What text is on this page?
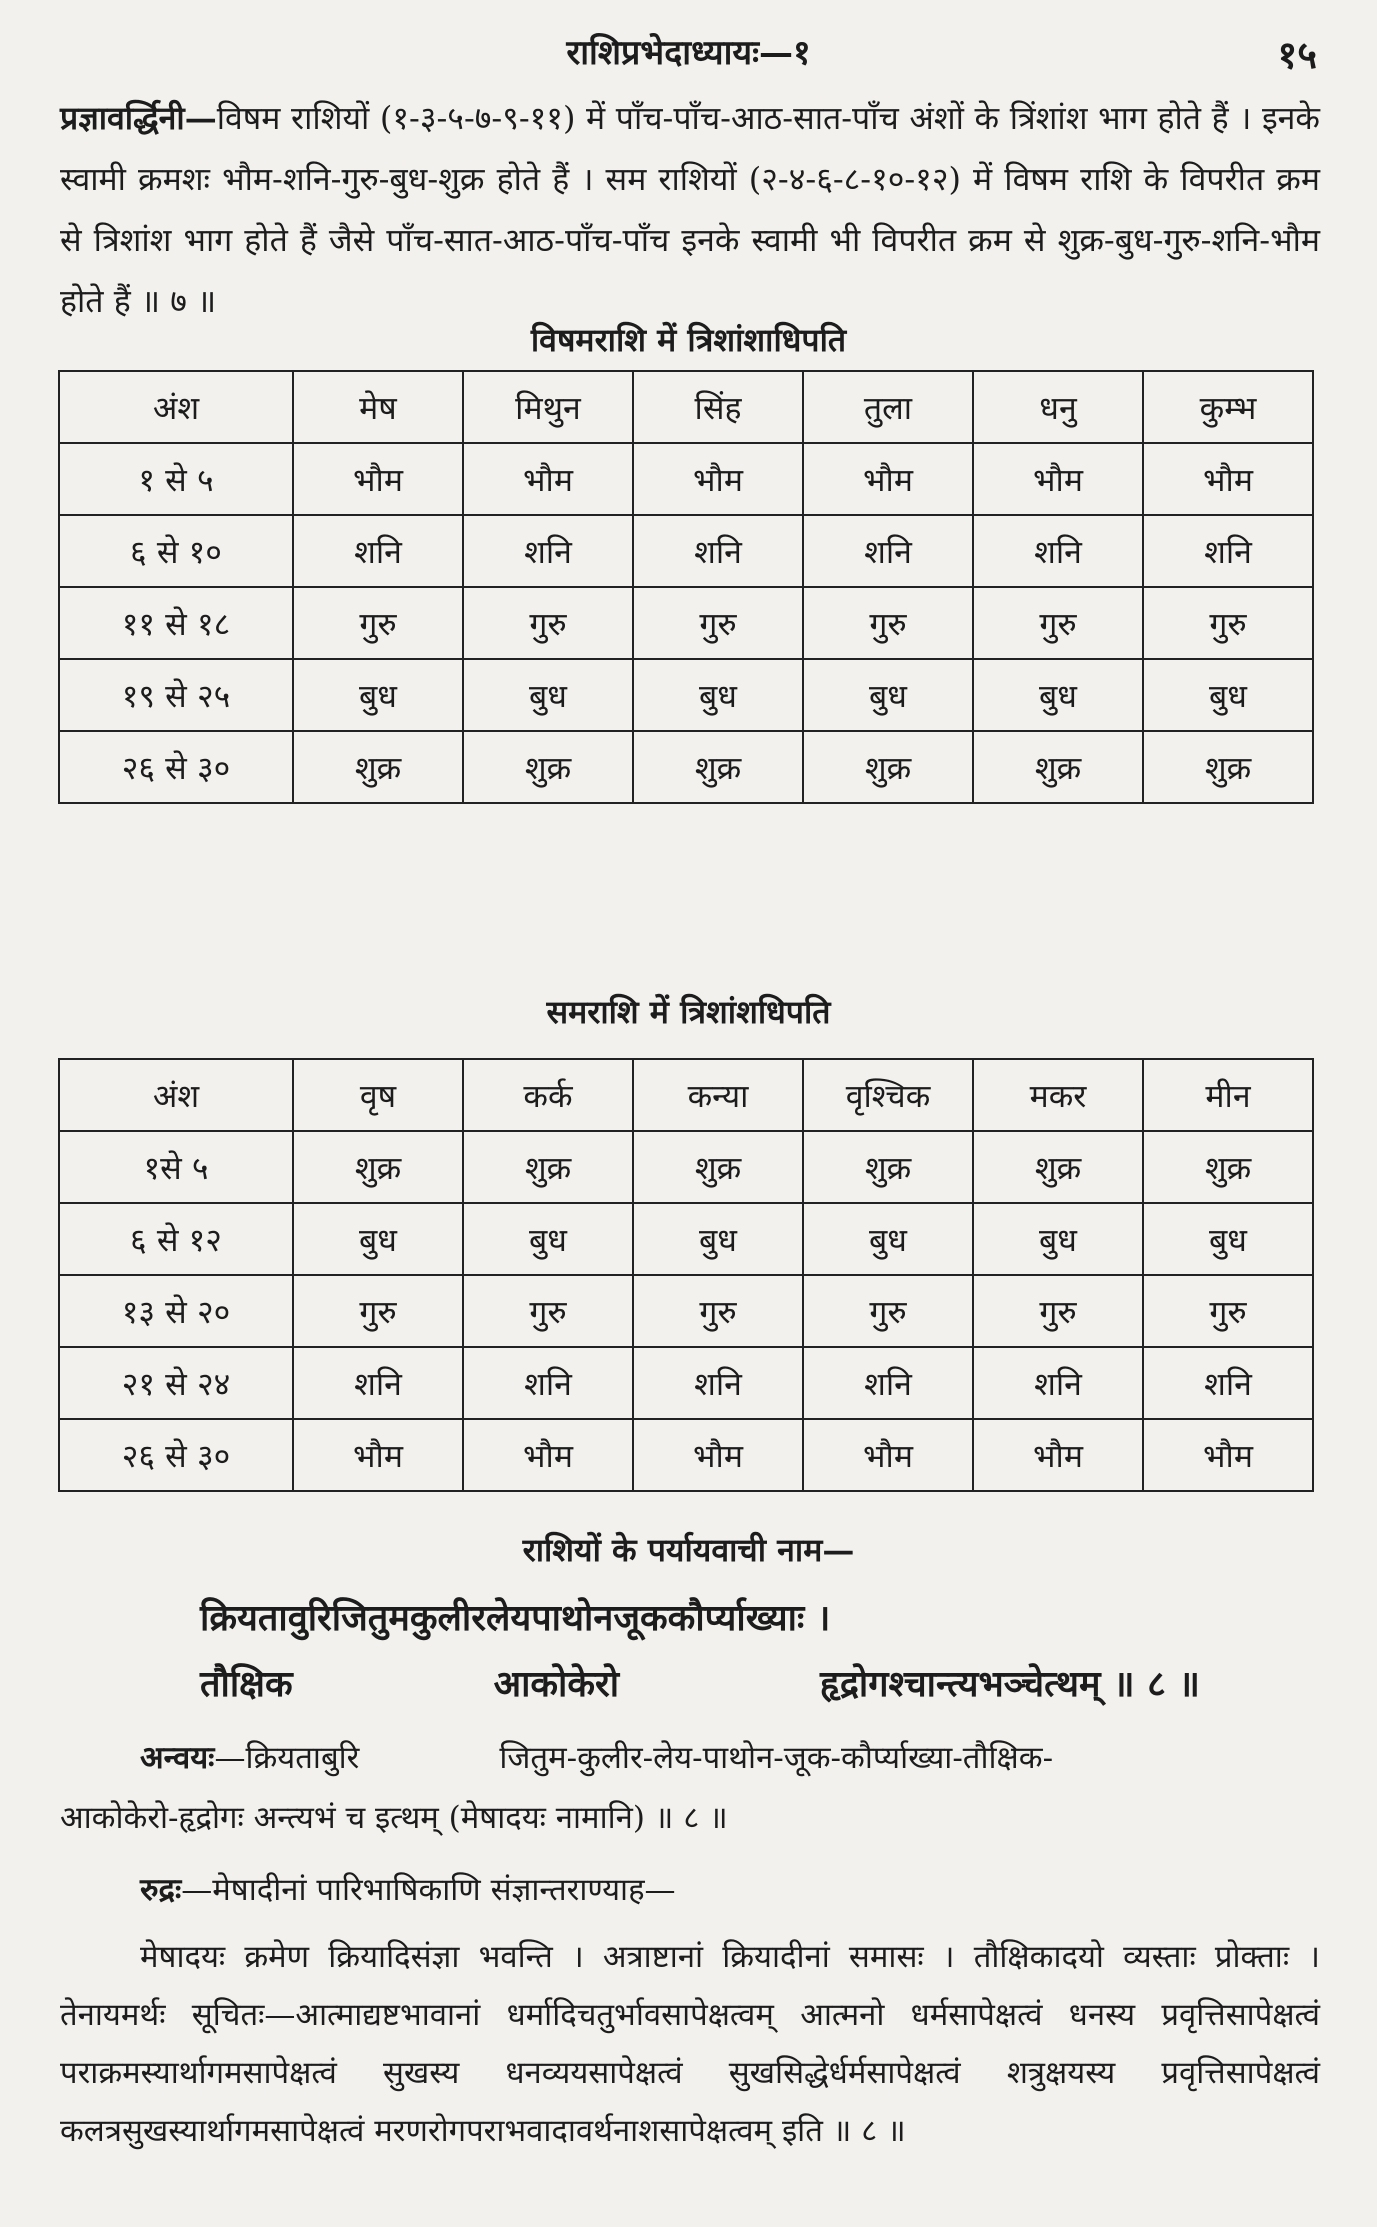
राशिप्रभेदाध्यायः—१	१५
प्रज्ञावर्द्धिनी—विषम राशियों (१-३-५-७-९-११) में पाँच-पाँच-आठ-सात-पाँच अंशों के त्रिंशांश भाग होते हैं । इनके स्वामी क्रमशः भौम-शनि-गुरु-बुध-शुक्र होते हैं । सम राशियों (२-४-६-८-१०-१२) में विषम राशि के विपरीत क्रम से त्रिशांश भाग होते हैं जैसे पाँच-सात-आठ-पाँच-पाँच इनके स्वामी भी विपरीत क्रम से शुक्र-बुध-गुरु-शनि-भौम होते हैं ॥ ७ ॥
विषमराशि में त्रिशांशाधिपति
अंश	मेष	मिथुन	सिंह	तुला	धनु	कुम्भ
१ से ५	भौम	भौम	भौम	भौम	भौम	भौम
६ से १०	शनि	शनि	शनि	शनि	शनि	शनि
११ से १८	गुरु	गुरु	गुरु	गुरु	गुरु	गुरु
१९ से २५	बुध	बुध	बुध	बुध	बुध	बुध
२६ से ३०	शुक्र	शुक्र	शुक्र	शुक्र	शुक्र	शुक्र
समराशि में त्रिशांशधिपति
अंश	वृष	कर्क	कन्या	वृश्चिक	मकर	मीन
१से ५	शुक्र	शुक्र	शुक्र	शुक्र	शुक्र	शुक्र
६ से १२	बुध	बुध	बुध	बुध	बुध	बुध
१३ से २०	गुरु	गुरु	गुरु	गुरु	गुरु	गुरु
२१ से २४	शनि	शनि	शनि	शनि	शनि	शनि
२६ से ३०	भौम	भौम	भौम	भौम	भौम	भौम
राशियों के पर्यायवाची नाम—
क्रियतावुरिजितुमकुलीरलेयपाथोनजूककौर्प्याख्याः ।
तौक्षिक	आकोकेरो	हृद्रोगश्चान्त्यभञ्चेत्थम् ॥ ८ ॥
अन्वयः—क्रियताबुरि	जितुम-कुलीर-लेय-पाथोन-जूक-कौर्प्याख्या-तौक्षिक-
आकोकेरो-हृद्रोगः अन्त्यभं च इत्थम् (मेषादयः नामानि) ॥ ८ ॥
रुद्रः—मेषादीनां पारिभाषिकाणि संज्ञान्तराण्याह—
मेषादयः क्रमेण क्रियादिसंज्ञा भवन्ति । अत्राष्टानां क्रियादीनां समासः । तौक्षिकादयो व्यस्ताः प्रोक्ताः । तेनायमर्थः सूचितः—आत्माद्यष्टभावानां धर्मादिचतुर्भावसापेक्षत्वम् आत्मनो धर्मसापेक्षत्वं धनस्य प्रवृत्तिसापेक्षत्वं पराक्रमस्यार्थागमसापेक्षत्वं सुखस्य धनव्ययसापेक्षत्वं सुखसिद्धेर्धर्मसापेक्षत्वं शत्रुक्षयस्य प्रवृत्तिसापेक्षत्वं कलत्रसुखस्यार्थागमसापेक्षत्वं मरणरोगपराभवादावर्थनाशसापेक्षत्वम् इति ॥ ८ ॥
